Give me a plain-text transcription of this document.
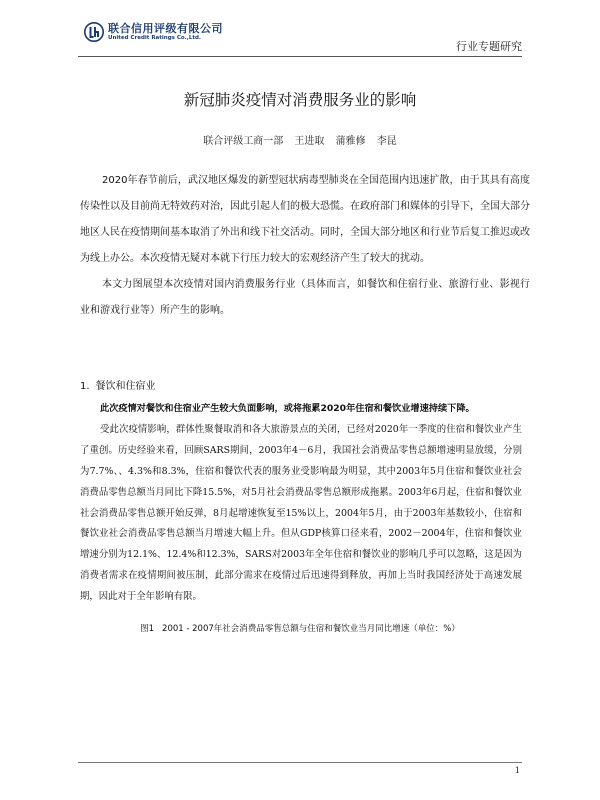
联合信用评级有限公司
United Credit Ratings Co.,Ltd.
行业专题研究
新冠肺炎疫情对消费服务业的影响
联合评级工商一部 王进取 蒲雅修 李昆

2020年春节前后，武汉地区爆发的新型冠状病毒型肺炎在全国范围内迅速扩散，由于其具有高度传染性以及目前尚无特效药对治，因此引起人们的极大恐慌。在政府部门和媒体的引导下，全国大部分地区人民在疫情期间基本取消了外出和线下社交活动。同时，全国大部分地区和行业节后复工推迟或改为线上办公。本次疫情无疑对本就下行压力较大的宏观经济产生了较大的扰动。

本文力图展望本次疫情对国内消费服务行业（具体而言，如餐饮和住宿行业、旅游行业、影视行业和游戏行业等）所产生的影响。

1. 餐饮和住宿业

此次疫情对餐饮和住宿业产生较大负面影响，或将拖累2020年住宿和餐饮业增速持续下降。

受此次疫情影响，群体性聚餐取消和各大旅游景点的关闭，已经对2020年一季度的住宿和餐饮业产生了重创。历史经验来看，回顾SARS期间，2003年4－6月，我国社会消费品零售总额增速明显放缓，分别为7.7%、、4.3%和8.3%，住宿和餐饮代表的服务业受影响最为明显，其中2003年5月住宿和餐饮业社会消费品零售总额当月同比下降15.5%，对5月社会消费品零售总额形成拖累。2003年6月起，住宿和餐饮业社会消费品零售总额开始反弹，8月起增速恢复至15%以上，2004年5月，由于2003年基数较小，住宿和餐饮业社会消费品零售总额当月增速大幅上升。但从GDP核算口径来看，2002－2004年，住宿和餐饮业增速分别为12.1%、12.4%和12.3%，SARS对2003年全年住宿和餐饮业的影响几乎可以忽略，这是因为消费者需求在疫情期间被压制，此部分需求在疫情过后迅速得到释放，再加上当时我国经济处于高速发展期，因此对于全年影响有限。

图1 2001 - 2007年社会消费品零售总额与住宿和餐饮业当月同比增速（单位：%）
1
